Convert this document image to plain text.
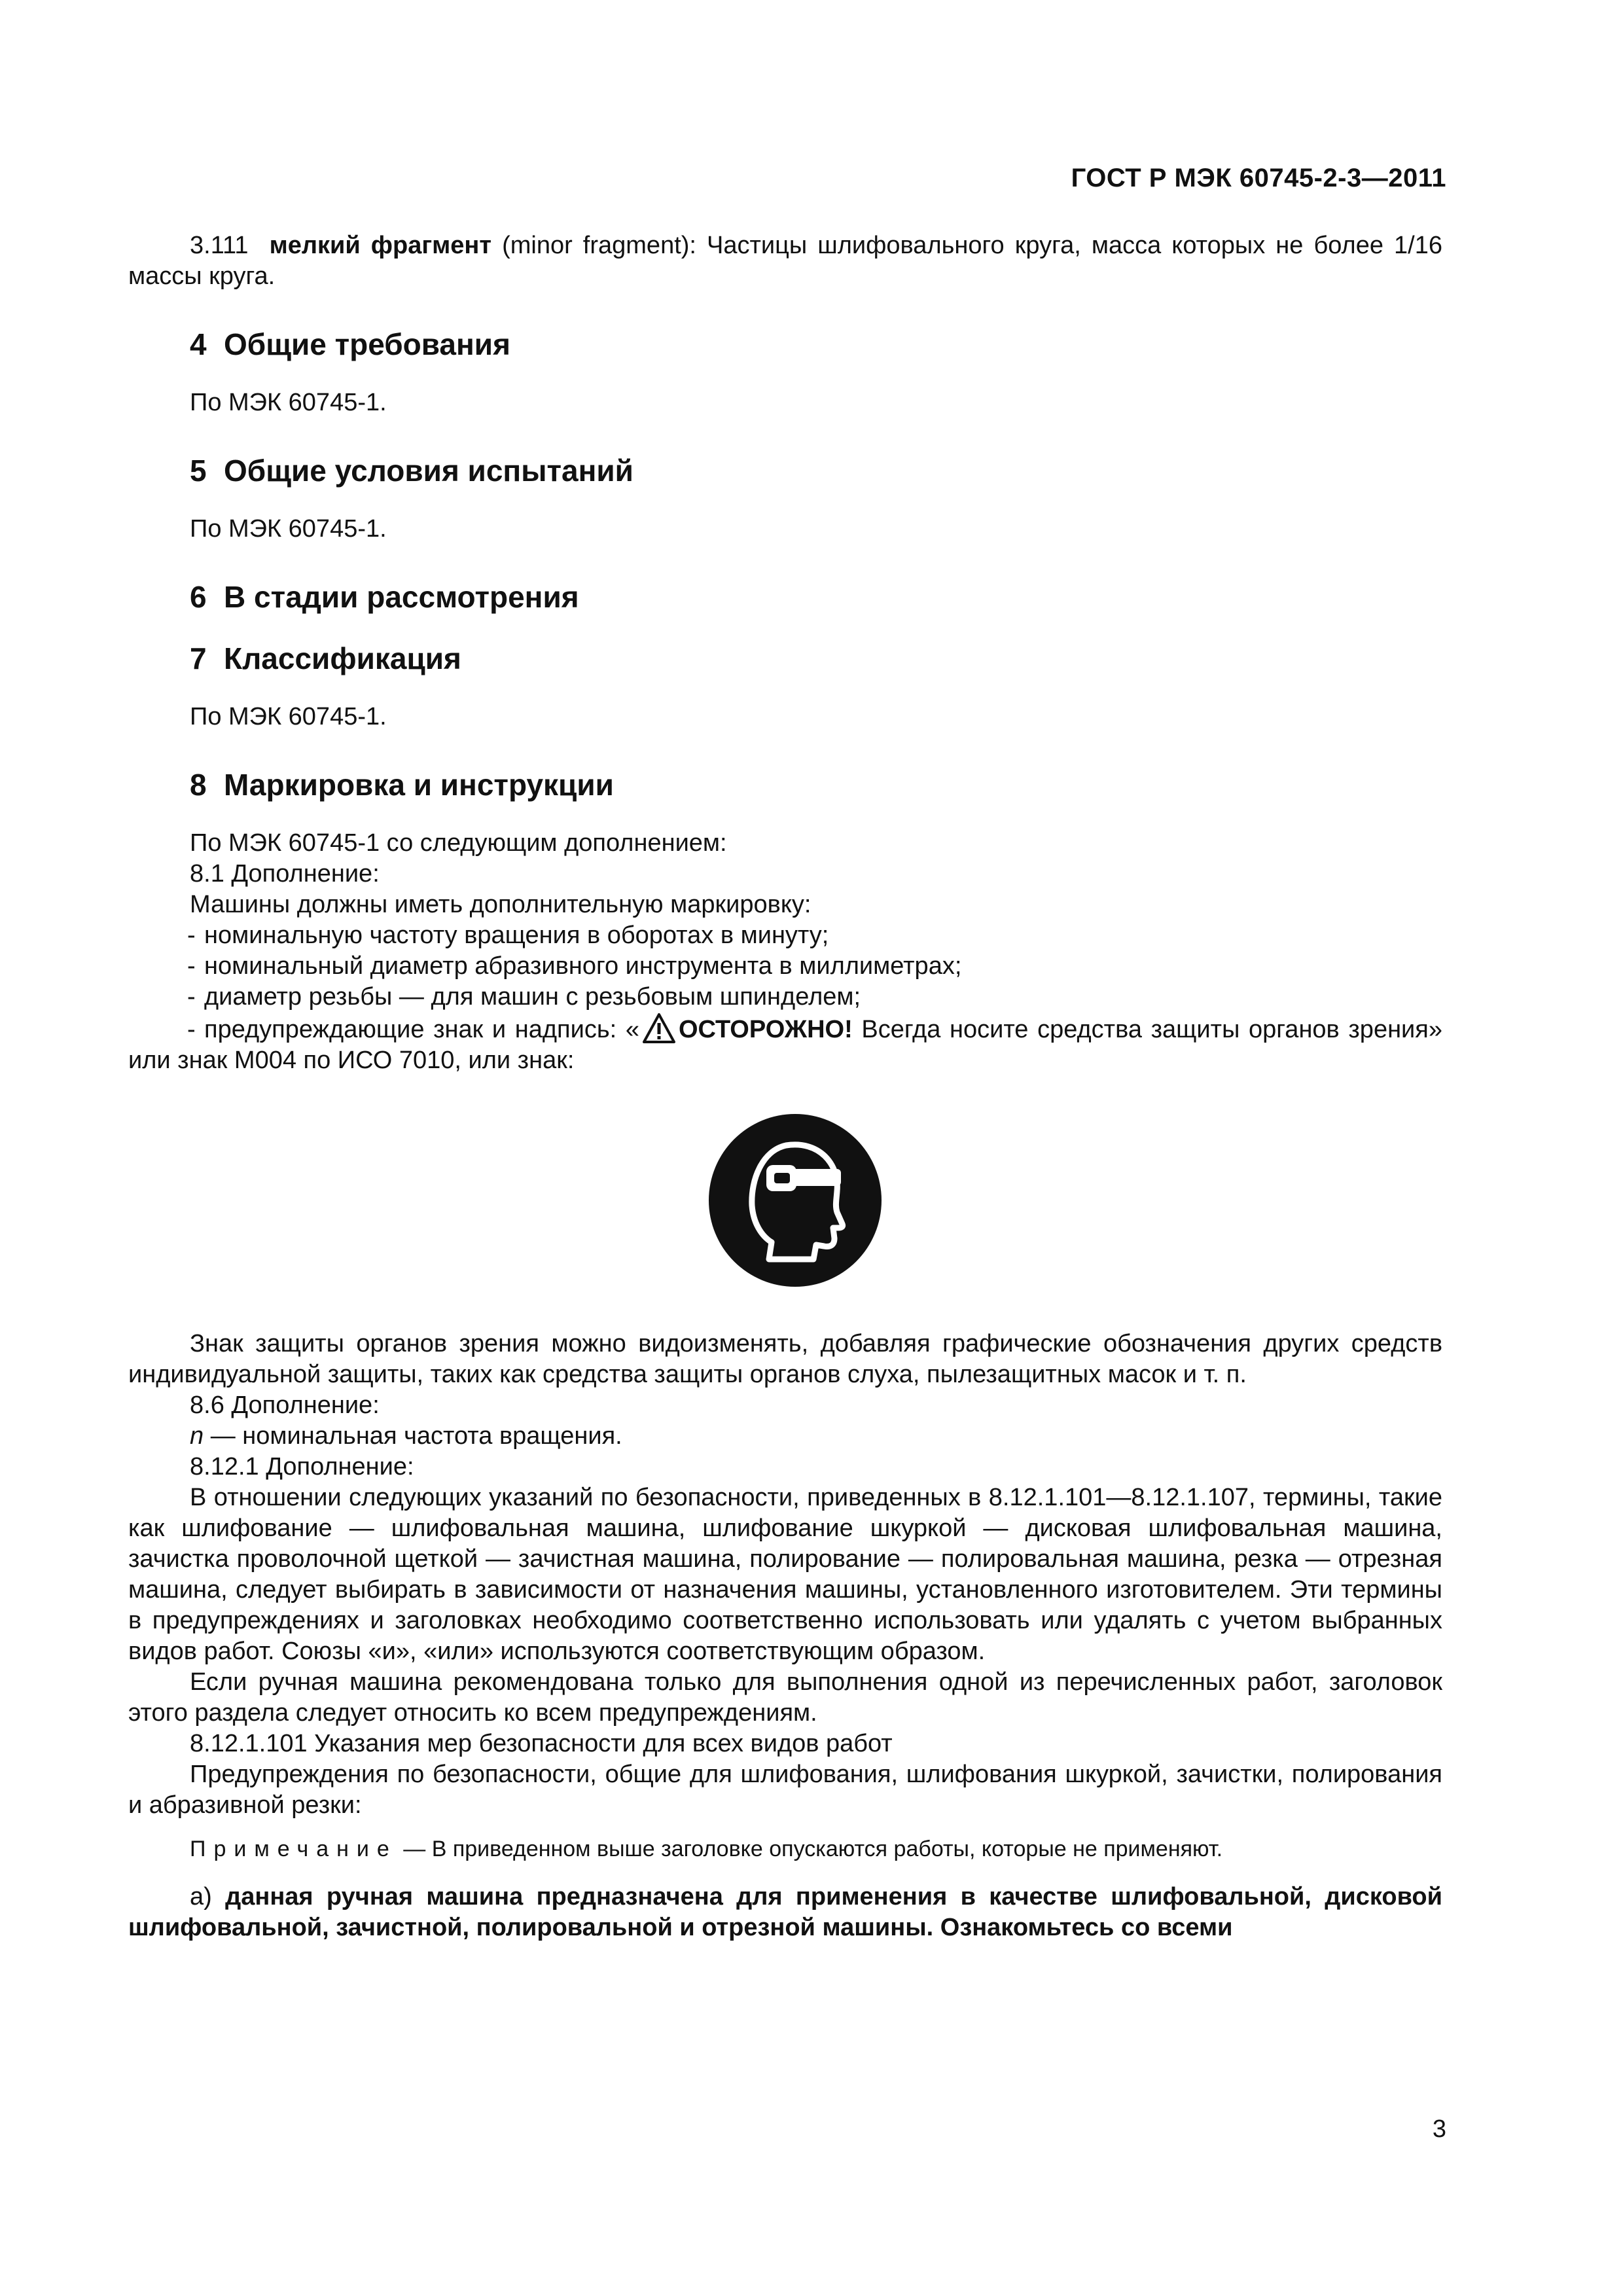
ГОСТ Р МЭК 60745-2-3—2011

3.111 мелкий фрагмент (minor fragment): Частицы шлифовального круга, масса которых не более 1/16 массы круга.

4 Общие требования

По МЭК 60745-1.

5 Общие условия испытаний

По МЭК 60745-1.

6 В стадии рассмотрения
7 Классификация

По МЭК 60745-1.

8 Маркировка и инструкции

По МЭК 60745-1 со следующим дополнением:

8.1 Дополнение:

Машины должны иметь дополнительную маркировку:

- номинальную частоту вращения в оборотах в минуту;

- номинальный диаметр абразивного инструмента в миллиметрах;

- диаметр резьбы — для машин с резьбовым шпинделем;

- предупреждающие знак и надпись: « ОСТОРОЖНО! Всегда носите средства защиты органов зрения» или знак M004 по ИСО 7010, или знак:

Знак защиты органов зрения можно видоизменять, добавляя графические обозначения других средств индивидуальной защиты, таких как средства защиты органов слуха, пылезащитных масок и т. п.

8.6 Дополнение:

n — номинальная частота вращения.

8.12.1 Дополнение:

В отношении следующих указаний по безопасности, приведенных в 8.12.1.101—8.12.1.107, термины, такие как шлифование — шлифовальная машина, шлифование шкуркой — дисковая шлифовальная машина, зачистка проволочной щеткой — зачистная машина, полирование — полировальная машина, резка — отрезная машина, следует выбирать в зависимости от назначения машины, установленного изготовителем. Эти термины в предупреждениях и заголовках необходимо соответственно использовать или удалять с учетом выбранных видов работ. Союзы «и», «или» используются соответствующим образом.

Если ручная машина рекомендована только для выполнения одной из перечисленных работ, заголовок этого раздела следует относить ко всем предупреждениям.

8.12.1.101 Указания мер безопасности для всех видов работ

Предупреждения по безопасности, общие для шлифования, шлифования шкуркой, зачистки, полирования и абразивной резки:

Примечание — В приведенном выше заголовке опускаются работы, которые не применяют.

а) данная ручная машина предназначена для применения в качестве шлифовальной, дисковой шлифовальной, зачистной, полировальной и отрезной машины. Ознакомьтесь со всеми

3
